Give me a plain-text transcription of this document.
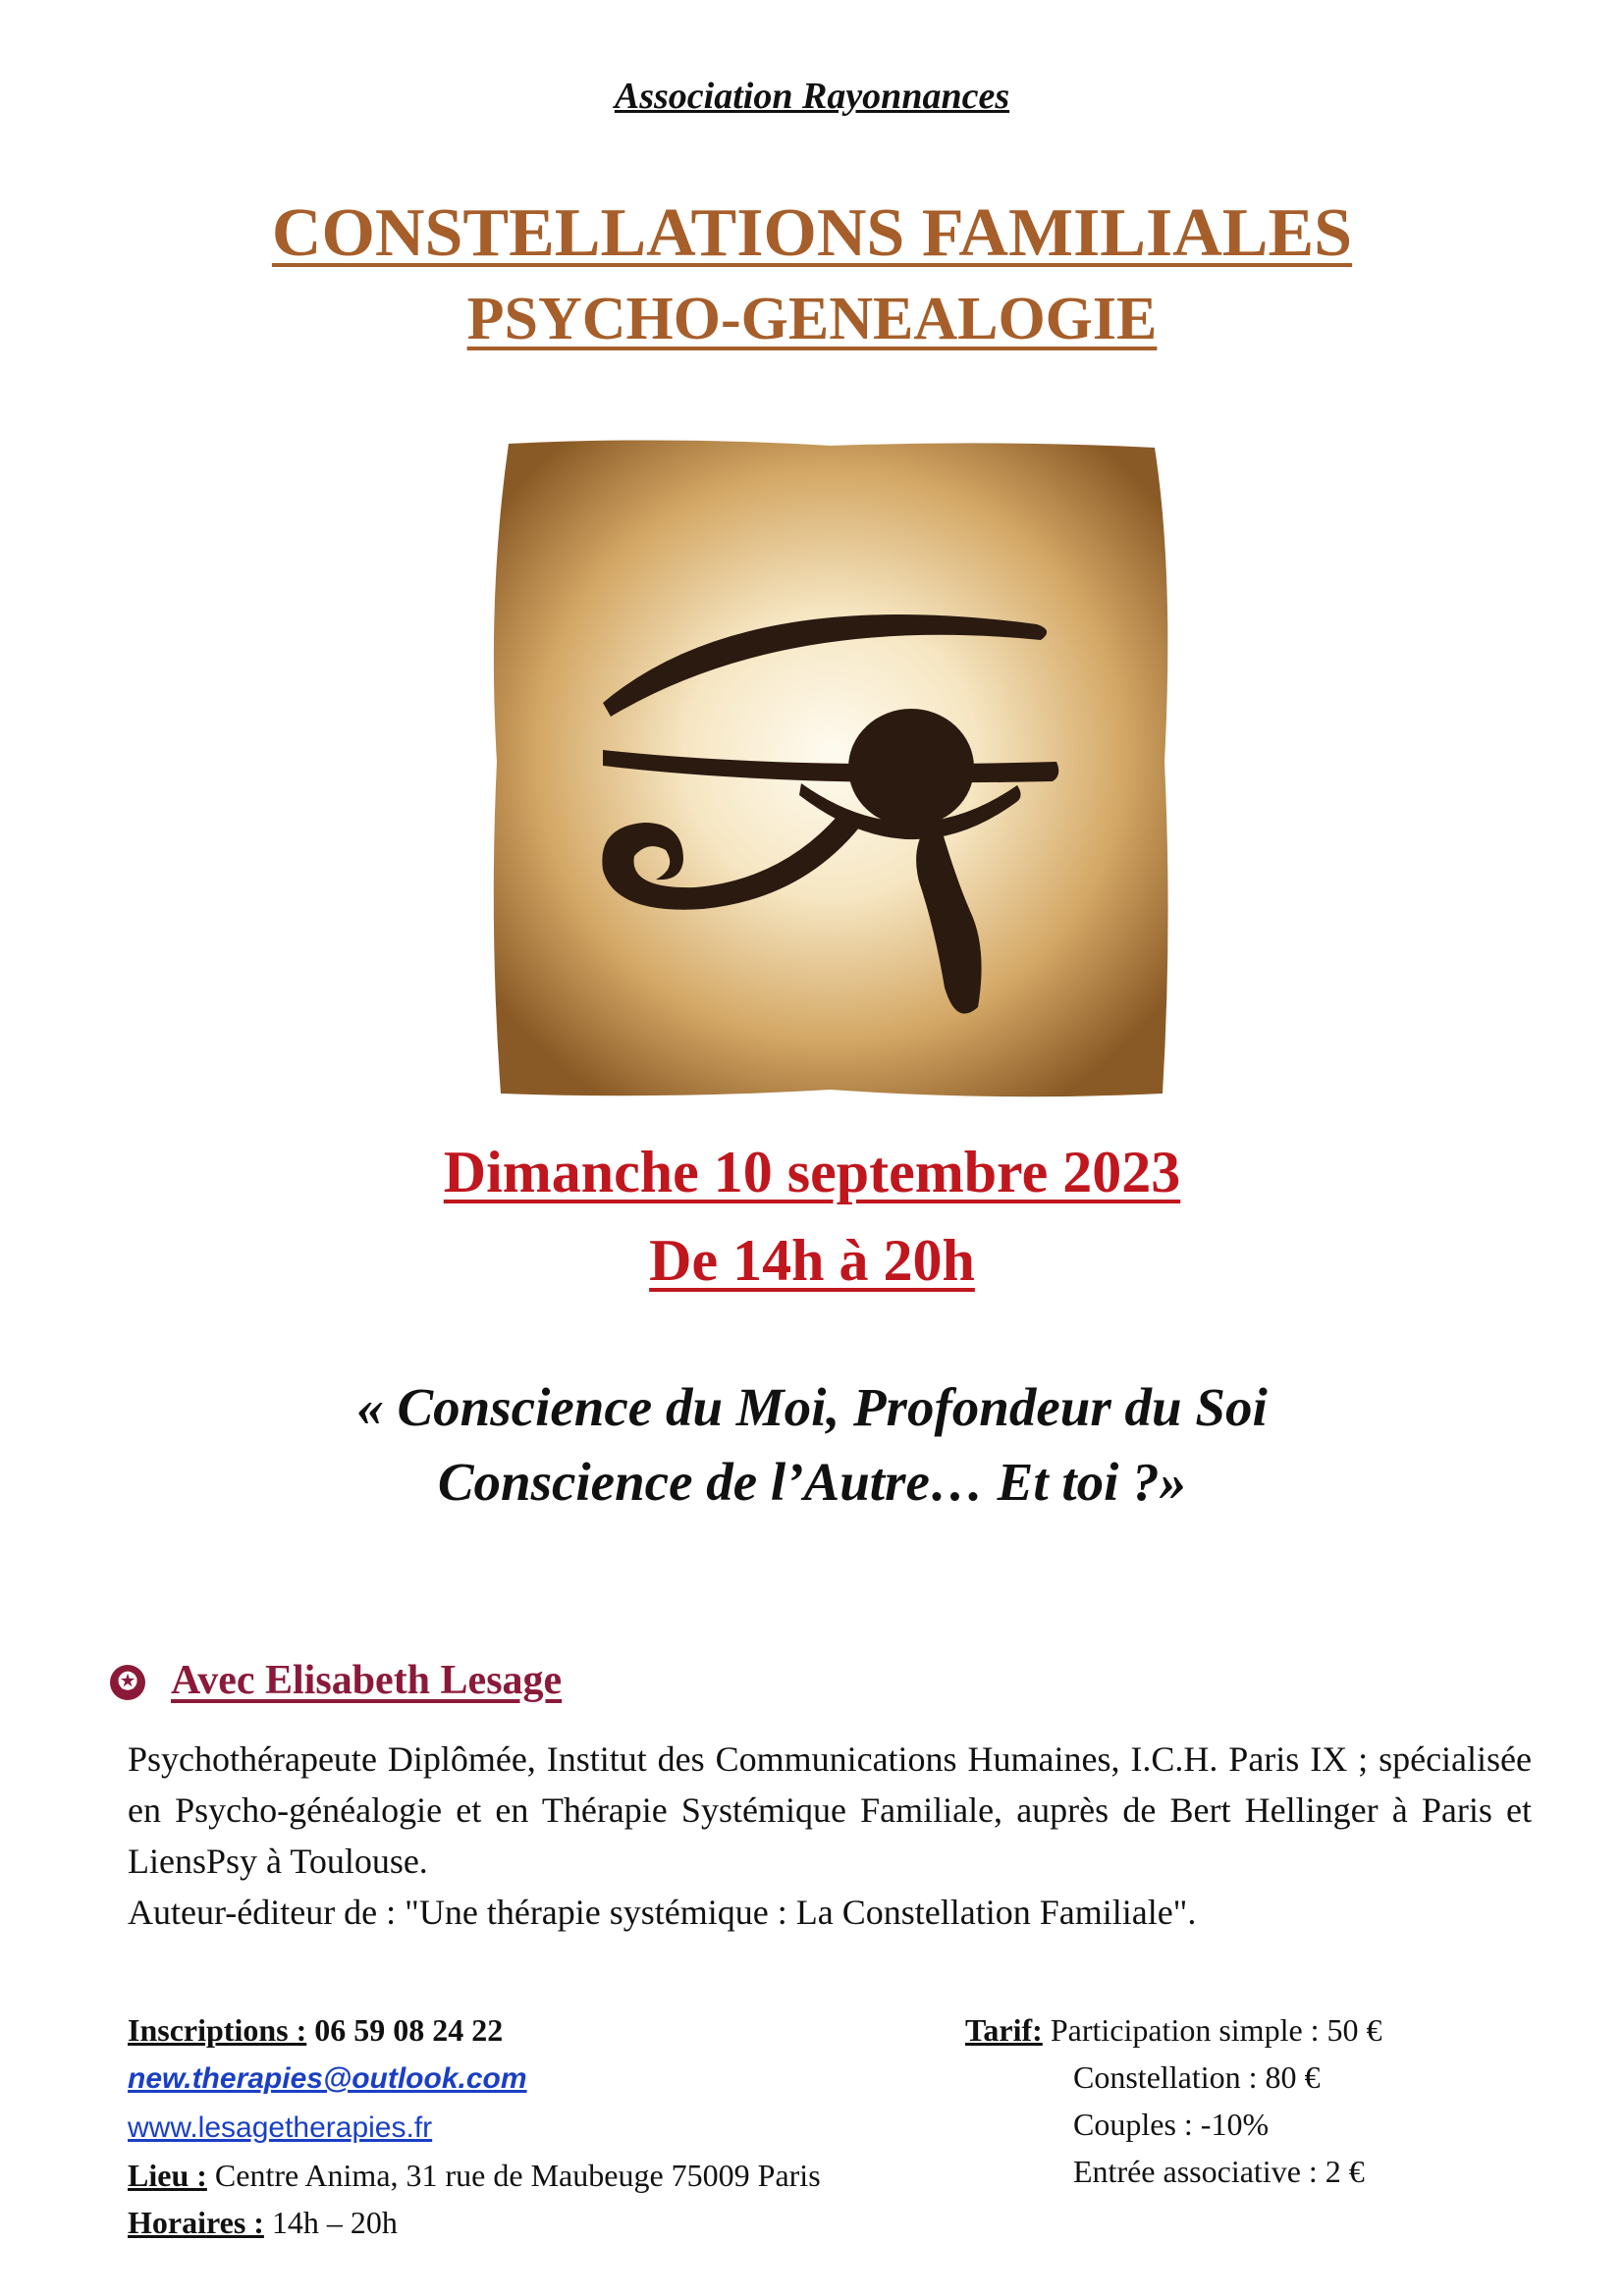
Association Rayonnances
CONSTELLATIONS FAMILIALES
PSYCHO-GENEALOGIE
Dimanche 10 septembre 2023
De 14h à 20h
« Conscience du Moi, Profondeur du Soi
Conscience de l’Autre… Et toi ?»
✪ Avec Elisabeth Lesage

Psychothérapeute Diplômée, Institut des Communications Humaines, I.C.H. Paris IX ; spécialisée en Psycho-généalogie et en Thérapie Systémique Familiale, auprès de Bert Hellinger à Paris et LiensPsy à Toulouse.

Auteur-éditeur de : "Une thérapie systémique : La Constellation Familiale".

Inscriptions : 06 59 08 24 22
new.therapies@outlook.com
www.lesagetherapies.fr
Lieu : Centre Anima, 31 rue de Maubeuge 75009 Paris
Horaires : 14h – 20h
Tarif: Participation simple : 50 €
Constellation : 80 €
Couples : -10%
Entrée associative : 2 €
